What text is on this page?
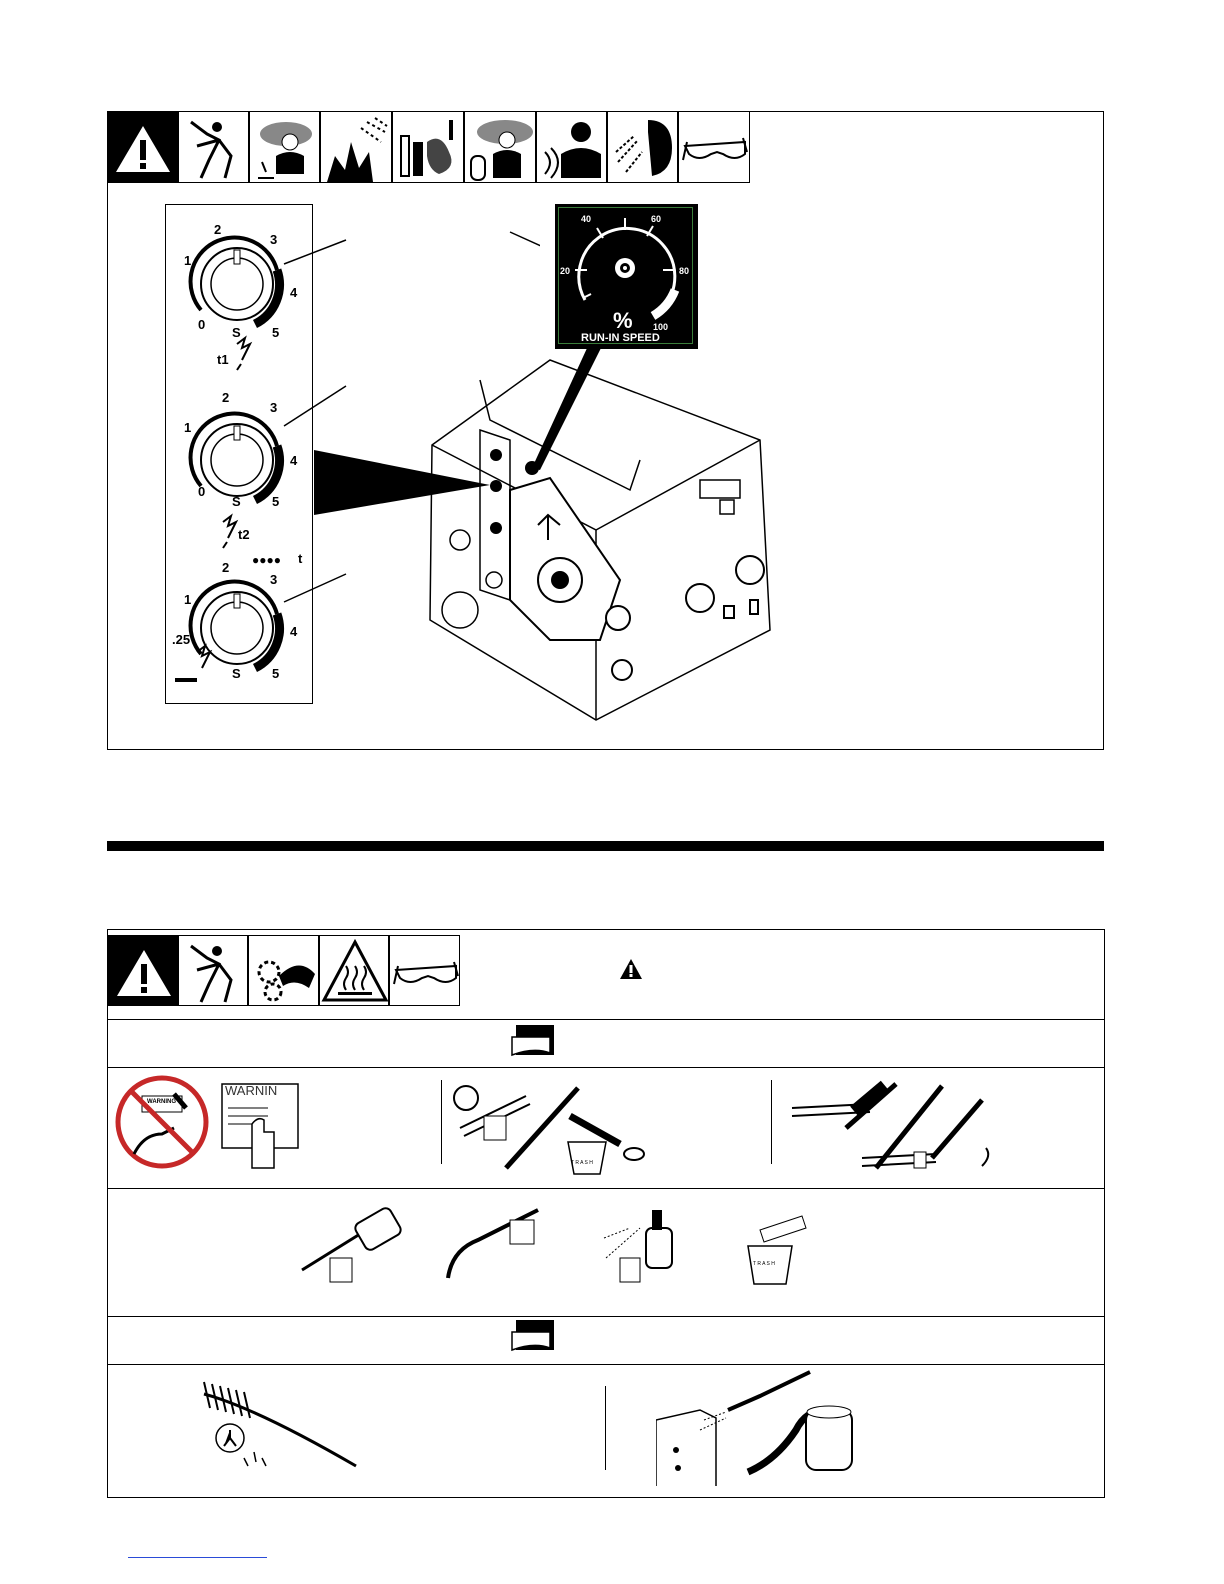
2
3
1
4
0
S 5
t1
2
3
1
4
0
S 5
t2
●●●● t
2
3
1
4
.25
S 5
40	60
20	80
100
%
RUN-IN SPEED
WARNING
WARNIN
T R A S H
T R A S H
